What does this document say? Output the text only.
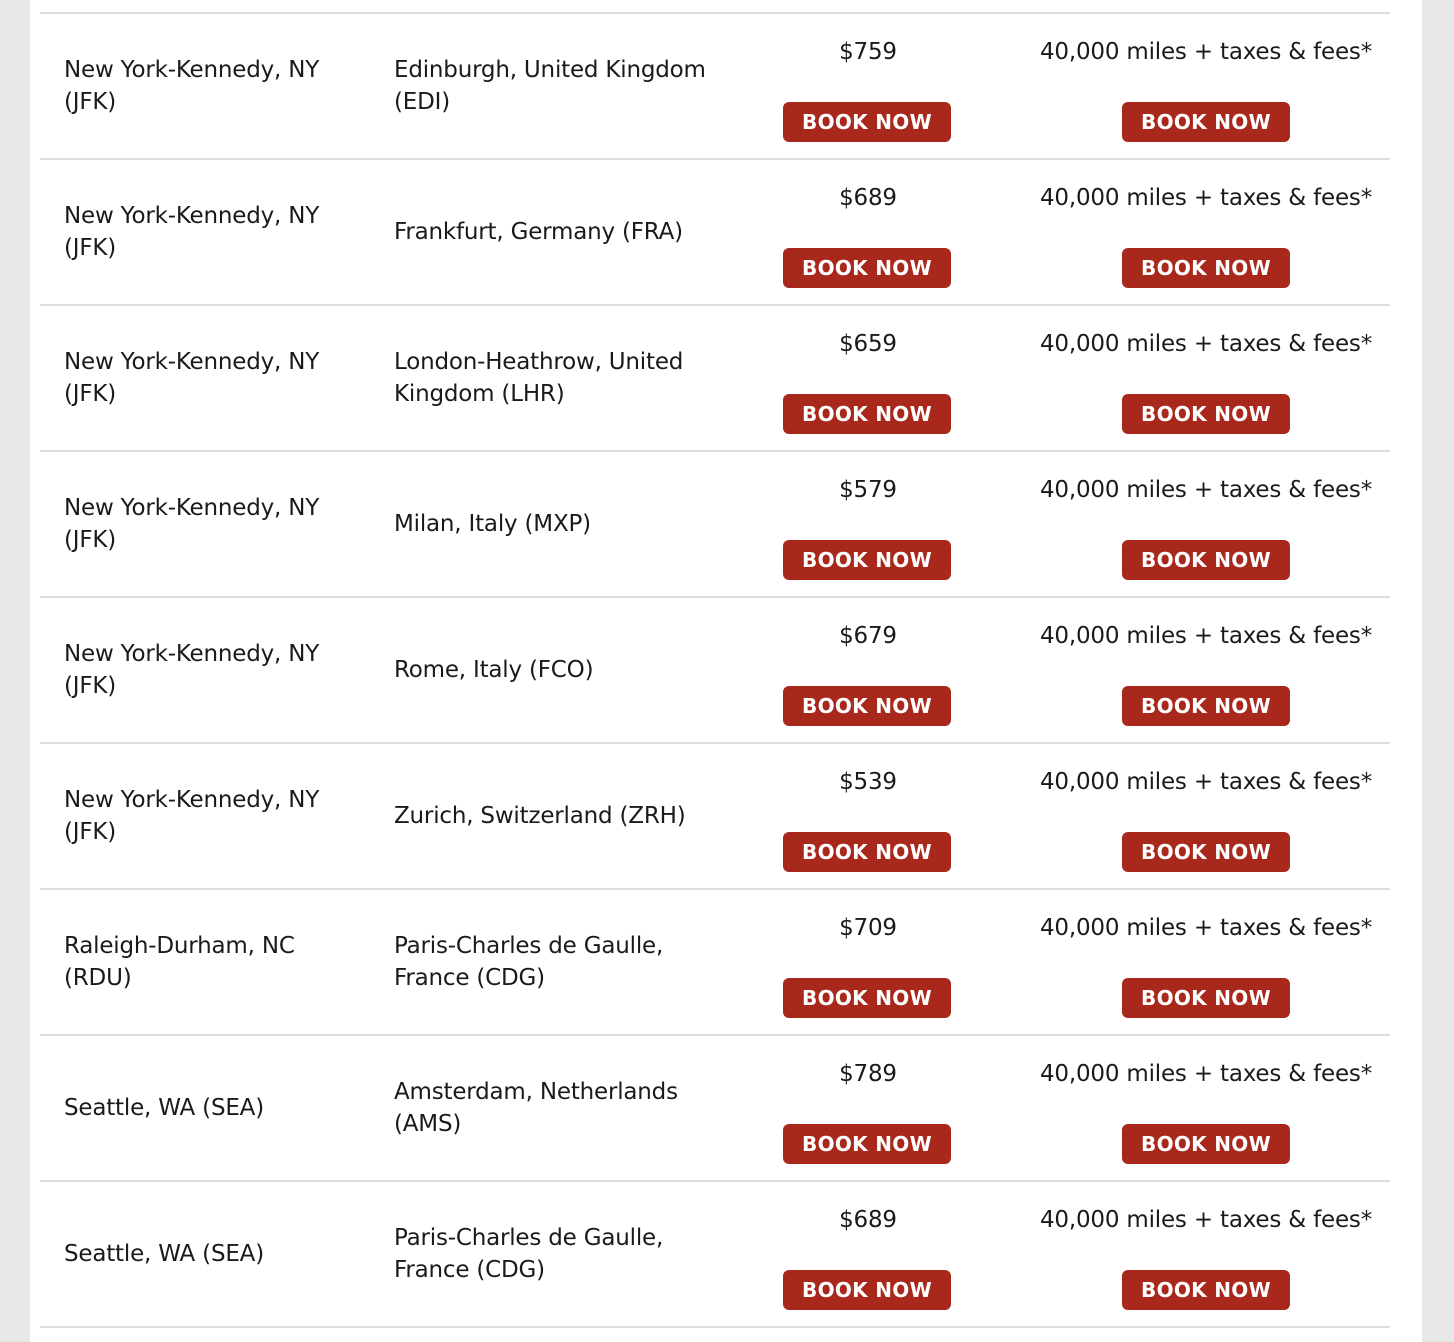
New York-Kennedy, NY (JFK)
Edinburgh, United Kingdom (EDI)
$759
BOOK NOW
40,000 miles + taxes & fees*
BOOK NOW
New York-Kennedy, NY (JFK)
Frankfurt, Germany (FRA)
$689
BOOK NOW
40,000 miles + taxes & fees*
BOOK NOW
New York-Kennedy, NY (JFK)
London-Heathrow, United Kingdom (LHR)
$659
BOOK NOW
40,000 miles + taxes & fees*
BOOK NOW
New York-Kennedy, NY (JFK)
Milan, Italy (MXP)
$579
BOOK NOW
40,000 miles + taxes & fees*
BOOK NOW
New York-Kennedy, NY (JFK)
Rome, Italy (FCO)
$679
BOOK NOW
40,000 miles + taxes & fees*
BOOK NOW
New York-Kennedy, NY (JFK)
Zurich, Switzerland (ZRH)
$539
BOOK NOW
40,000 miles + taxes & fees*
BOOK NOW
Raleigh-Durham, NC (RDU)
Paris-Charles de Gaulle, France (CDG)
$709
BOOK NOW
40,000 miles + taxes & fees*
BOOK NOW
Seattle, WA (SEA)
Amsterdam, Netherlands (AMS)
$789
BOOK NOW
40,000 miles + taxes & fees*
BOOK NOW
Seattle, WA (SEA)
Paris-Charles de Gaulle, France (CDG)
$689
BOOK NOW
40,000 miles + taxes & fees*
BOOK NOW
